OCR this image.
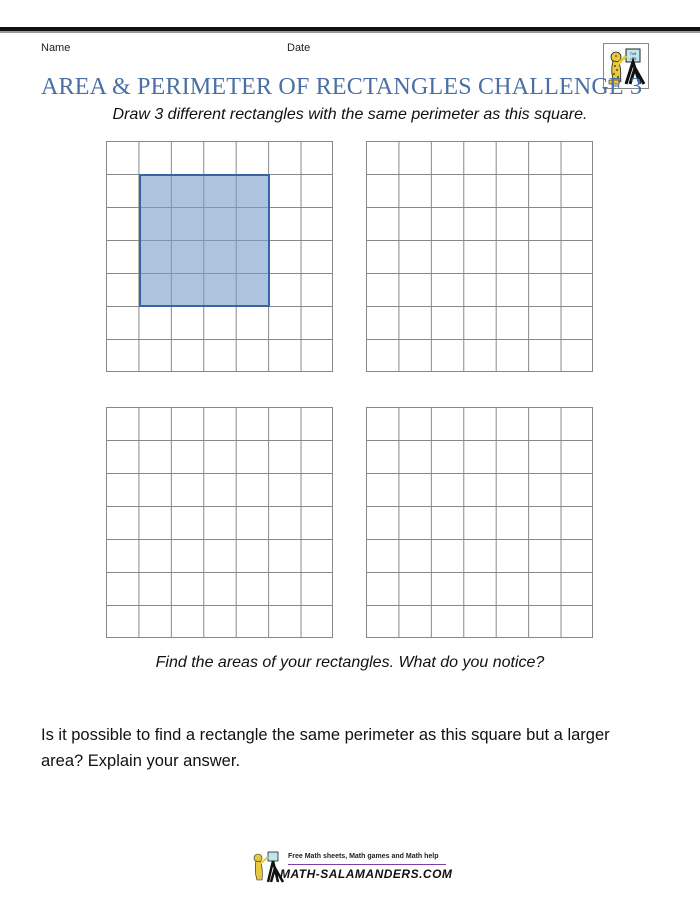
Name	Date	7x5
=35
AREA & PERIMETER OF RECTANGLES CHALLENGE 3
Draw 3 different rectangles with the same perimeter as this square.
Find the areas of your rectangles. What do you notice?
Is it possible to find a rectangle the same perimeter as this square but a larger
area? Explain your answer.
Free Math sheets, Math games and Math help
MATH-SALAMANDERS.COM
